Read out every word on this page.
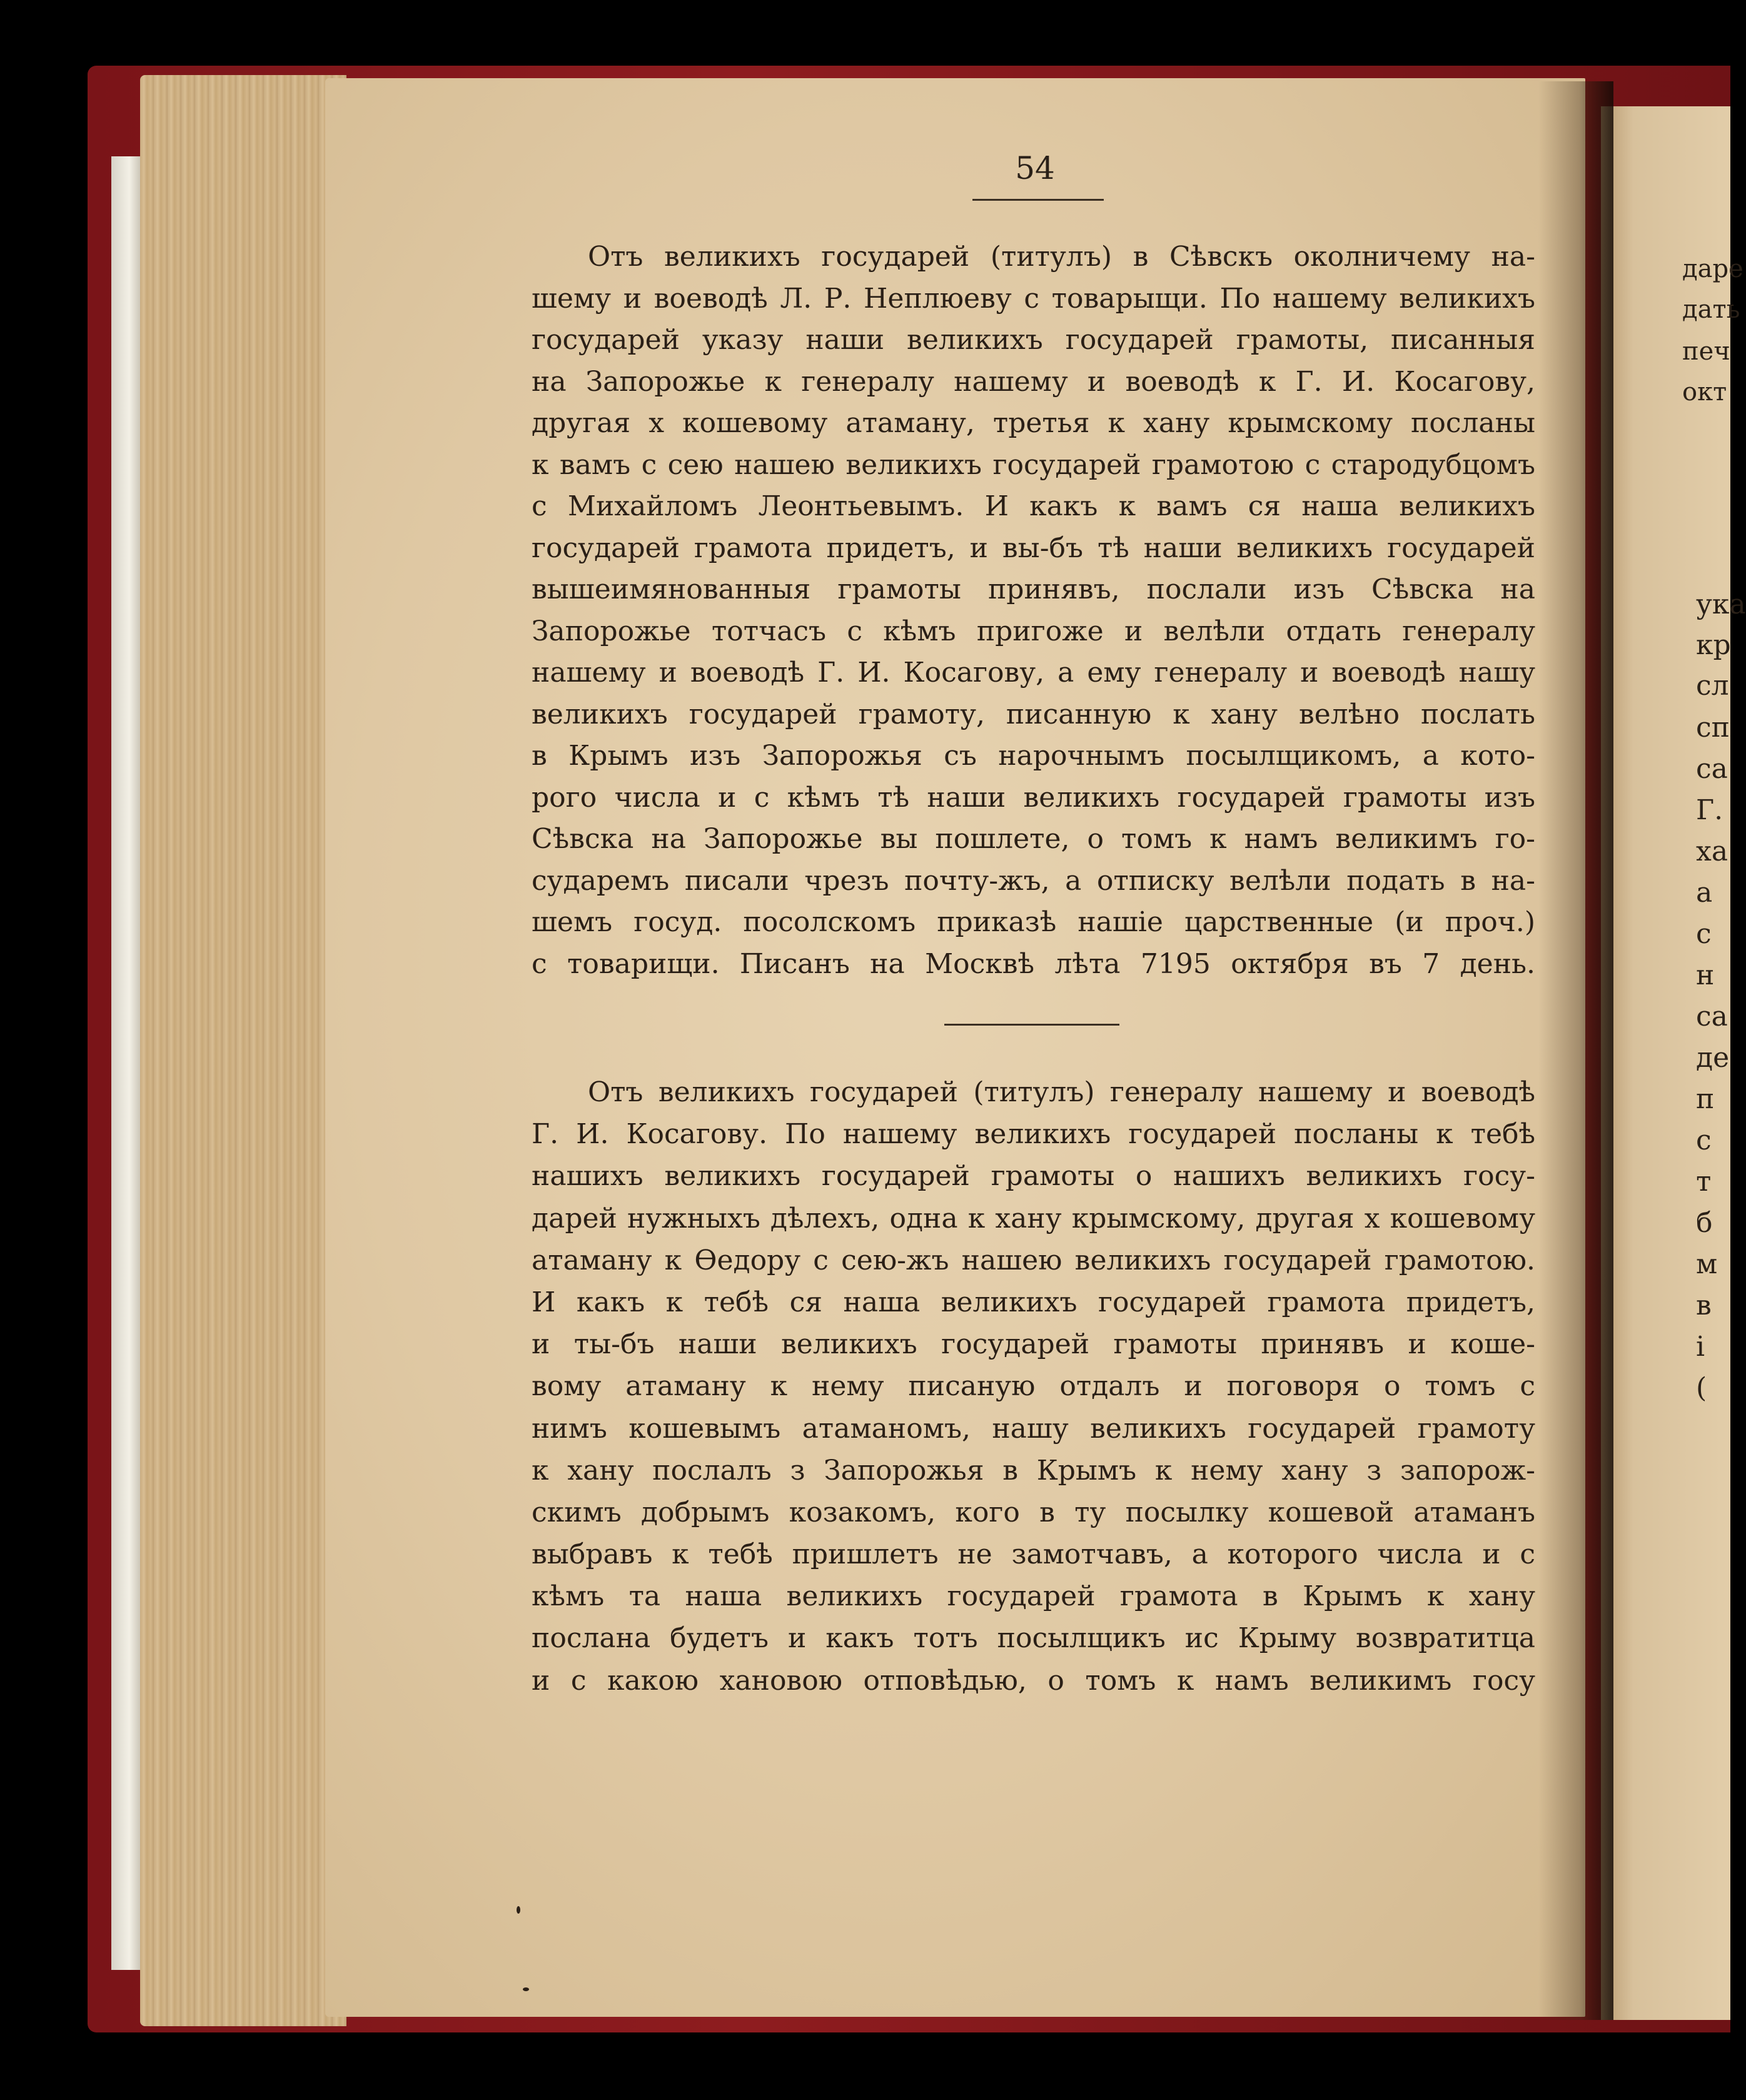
54
Отъ великихъ государей (титулъ) в Сѣвскъ околничему на-
шему и воеводѣ Л. Р. Неплюеву с товарыщи. По нашему великихъ
государей указу наши великихъ государей грамоты, писанныя
на Запорожье к генералу нашему и воеводѣ к Г. И. Косагову,
другая х кошевому атаману, третья к хану крымскому посланы
к вамъ с сею нашею великихъ государей грамотою с стародубцомъ
с Михайломъ Леонтьевымъ. И какъ к вамъ ся наша великихъ
государей грамота придетъ, и вы-бъ тѣ наши великихъ государей
вышеимянованныя грамоты принявъ, послали изъ Сѣвска на
Запорожье тотчасъ с кѣмъ пригоже и велѣли отдать генералу
нашему и воеводѣ Г. И. Косагову, а ему генералу и воеводѣ нашу
великихъ государей грамоту, писанную к хану велѣно послать
в Крымъ изъ Запорожья съ нарочнымъ посылщикомъ, а кото-
рого числа и с кѣмъ тѣ наши великихъ государей грамоты изъ
Сѣвска на Запорожье вы пошлете, о томъ к намъ великимъ го-
сударемъ писали чрезъ почту-жъ, а отписку велѣли подать в на-
шемъ госуд. посолскомъ приказѣ нашіе царственные (и проч.)
с товарищи. Писанъ на Москвѣ лѣта 7195 октября въ 7 день.
Отъ великихъ государей (титулъ) генералу нашему и воеводѣ
Г. И. Косагову. По нашему великихъ государей посланы к тебѣ
нашихъ великихъ государей грамоты о нашихъ великихъ госу-
дарей нужныхъ дѣлехъ, одна к хану крымскому, другая х кошевому
атаману к Ѳедору с сею-жъ нашею великихъ государей грамотою.
И какъ к тебѣ ся наша великихъ государей грамота придетъ,
и ты-бъ наши великихъ государей грамоты принявъ и коше-
вому атаману к нему писаную отдалъ и поговоря о томъ с
нимъ кошевымъ атаманомъ, нашу великихъ государей грамоту
к хану послалъ з Запорожья в Крымъ к нему хану з запорож-
скимъ добрымъ козакомъ, кого в ту посылку кошевой атаманъ
выбравъ к тебѣ пришлетъ не замотчавъ, а которого числа и с
кѣмъ та наша великихъ государей грамота в Крымъ к хану
послана будетъ и какъ тотъ посылщикъ ис Крыму возвратитца
и с какою хановою отповѣдью, о томъ к намъ великимъ госу
даре
дать
печ
окт
ука
кр
сл
сп
са
Г.
ха
а
с
н
са
де
п
с
т
б
м
в
і
(
